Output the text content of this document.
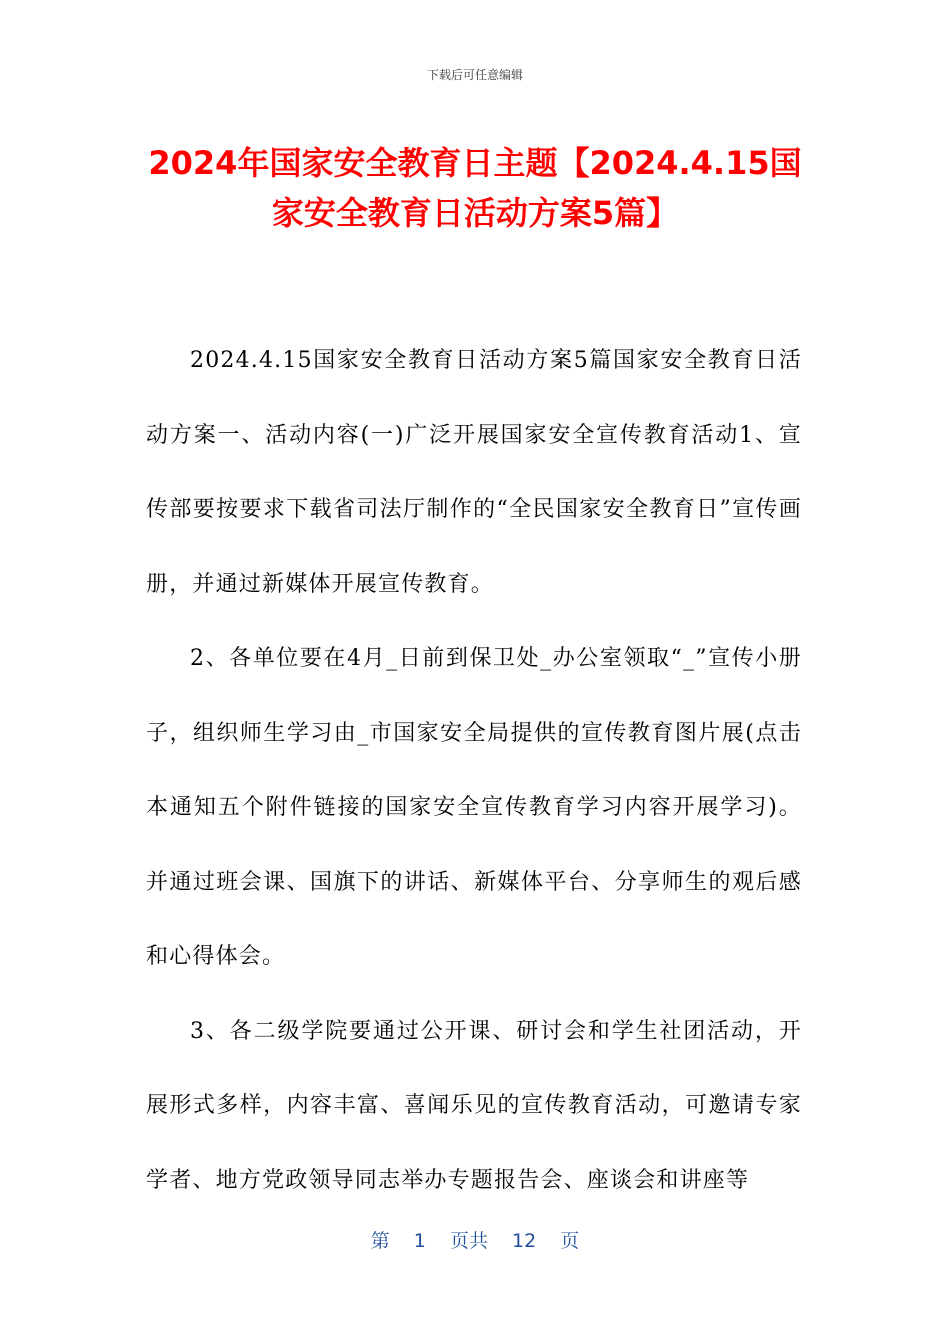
下载后可任意编辑
2024年国家安全教育日主题【2024.4.15国家安全教育日活动方案5篇】

2024.4.15国家安全教育日活动方案5篇国家安全教育日活动方案一、活动内容(一)广泛开展国家安全宣传教育活动1、宣传部要按要求下载省司法厅制作的“全民国家安全教育日”宣传画册，并通过新媒体开展宣传教育。

2、各单位要在4月_日前到保卫处_办公室领取“_”宣传小册子，组织师生学习由_市国家安全局提供的宣传教育图片展(点击本通知五个附件链接的国家安全宣传教育学习内容开展学习)。并通过班会课、国旗下的讲话、新媒体平台、分享师生的观后感和心得体会。

3、各二级学院要通过公开课、研讨会和学生社团活动，开展形式多样，内容丰富、喜闻乐见的宣传教育活动，可邀请专家学者、地方党政领导同志举办专题报告会、座谈会和讲座等

第 1 页共 12 页
